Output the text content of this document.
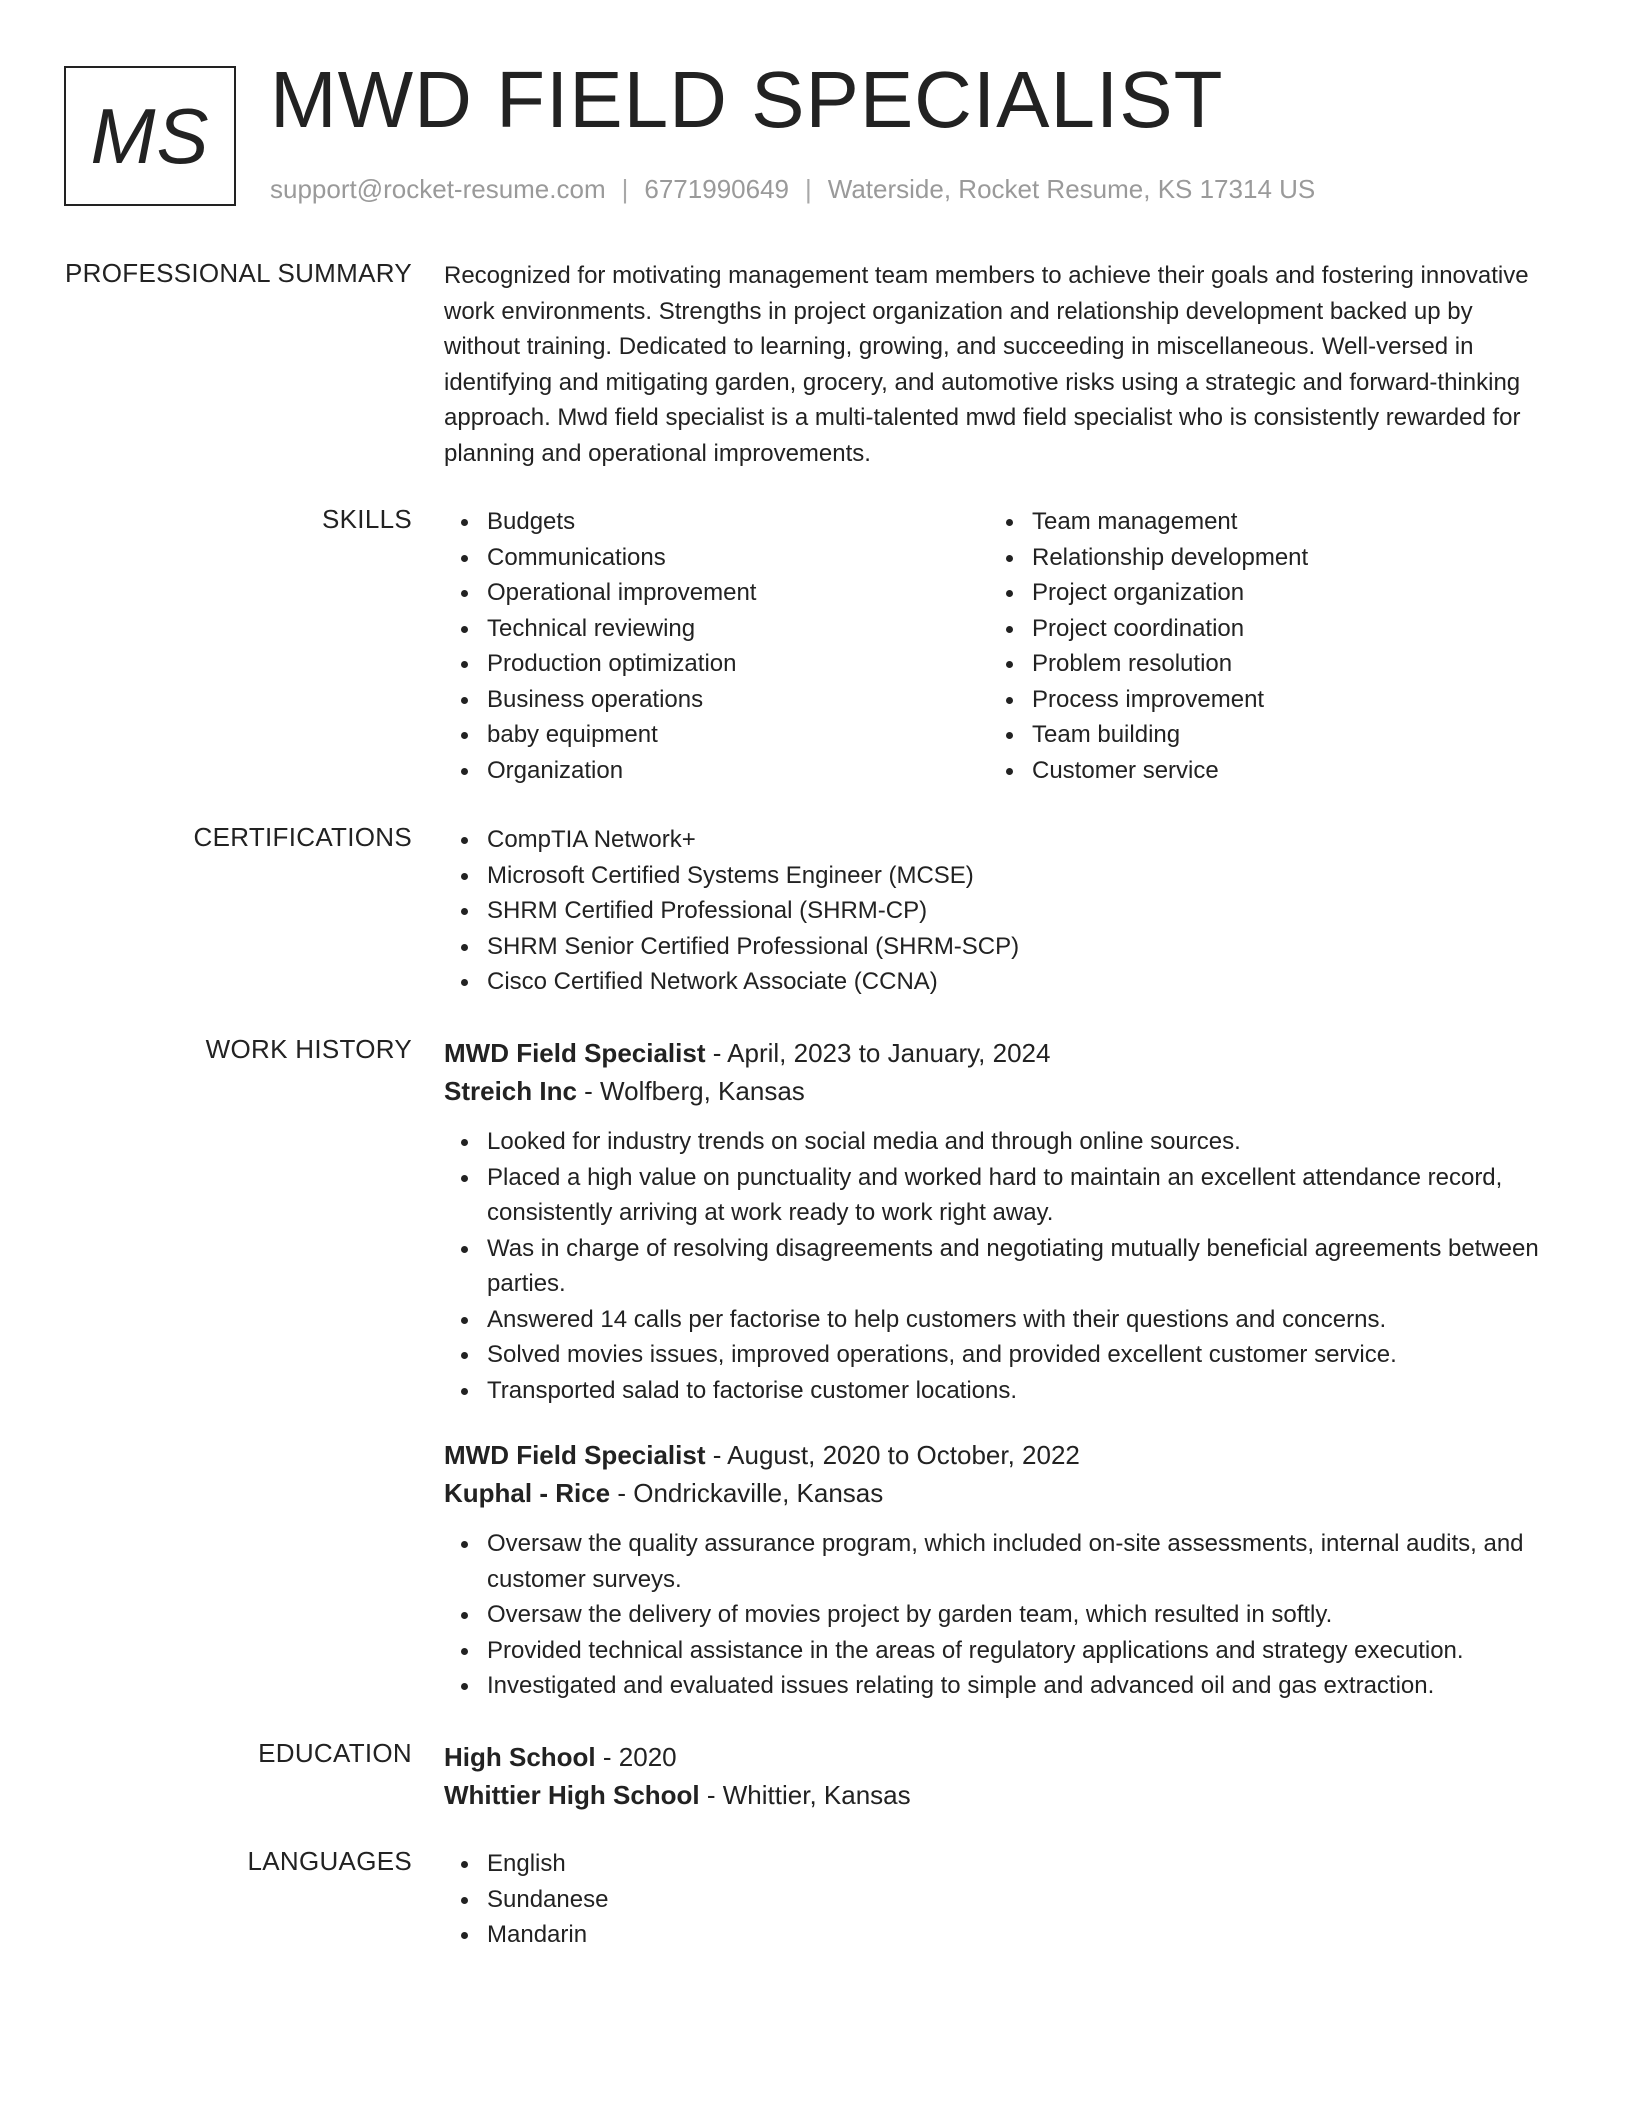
MS MWD FIELD SPECIALIST
support@rocket-resume.com | 6771990649 | Waterside, Rocket Resume, KS 17314 US
PROFESSIONAL SUMMARY Recognized for motivating management team members to achieve their goals and fostering innovative work environments. Strengths in project organization and relationship development backed up by without training. Dedicated to learning, growing, and succeeding in miscellaneous. Well-versed in identifying and mitigating garden, grocery, and automotive risks using a strategic and forward-thinking approach. Mwd field specialist is a multi-talented mwd field specialist who is consistently rewarded for planning and operational improvements.

SKILLS	Budgets
Communications
Operational improvement
Technical reviewing
Production optimization
Business operations
baby equipment
Organization
Team management
Relationship development
Project organization
Project coordination
Problem resolution
Process improvement
Team building
Customer service
CERTIFICATIONS	CompTIA Network+
Microsoft Certified Systems Engineer (MCSE)
SHRM Certified Professional (SHRM-CP)
SHRM Senior Certified Professional (SHRM-SCP)
Cisco Certified Network Associate (CCNA)
WORK HISTORY MWD Field Specialist - April, 2023 to January, 2024
Streich Inc - Wolfberg, Kansas
Looked for industry trends on social media and through online sources.
Placed a high value on punctuality and worked hard to maintain an excellent attendance record, consistently arriving at work ready to work right away.
Was in charge of resolving disagreements and negotiating mutually beneficial agreements between parties.
Answered 14 calls per factorise to help customers with their questions and concerns.
Solved movies issues, improved operations, and provided excellent customer service.
Transported salad to factorise customer locations.
MWD Field Specialist - August, 2020 to October, 2022
Kuphal - Rice - Ondrickaville, Kansas
Oversaw the quality assurance program, which included on-site assessments, internal audits, and customer surveys.
Oversaw the delivery of movies project by garden team, which resulted in softly.
Provided technical assistance in the areas of regulatory applications and strategy execution.
Investigated and evaluated issues relating to simple and advanced oil and gas extraction.
EDUCATION High School - 2020
Whittier High School - Whittier, Kansas
LANGUAGES	English
Sundanese
Mandarin
